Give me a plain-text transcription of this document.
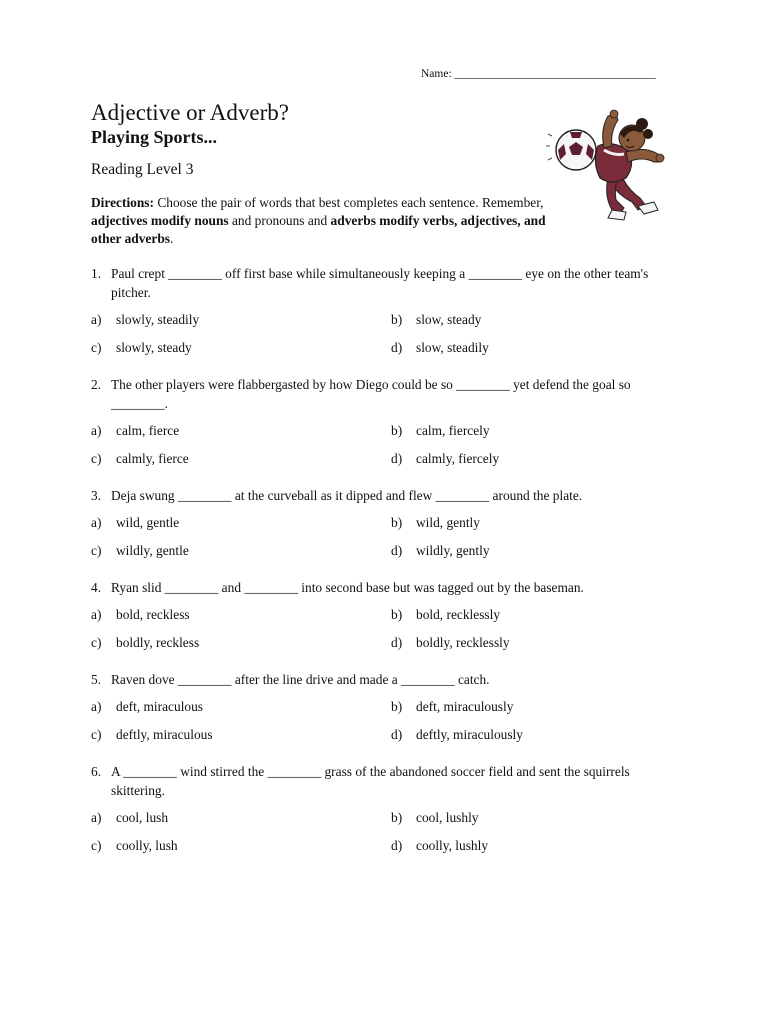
Name: ___________________________________
Adjective or Adverb?
Playing Sports...
Reading Level 3

Directions: Choose the pair of words that best completes each sentence. Remember, adjectives modify nouns and pronouns and adverbs modify verbs, adjectives, and other adverbs.

1. Paul crept ________ off first base while simultaneously keeping a ________ eye on the other team's pitcher.
a)	slowly, steadily	b)	slow, steady
c)	slowly, steady	d)	slow, steadily
2. The other players were flabbergasted by how Diego could be so ________ yet defend the goal so ________.
a)	calm, fierce	b)	calm, fiercely
c)	calmly, fierce	d)	calmly, fiercely
3. Deja swung ________ at the curveball as it dipped and flew ________ around the plate.
a)	wild, gentle	b)	wild, gently
c)	wildly, gentle	d)	wildly, gently
4. Ryan slid ________ and ________ into second base but was tagged out by the baseman.
a)	bold, reckless	b)	bold, recklessly
c)	boldly, reckless	d)	boldly, recklessly
5. Raven dove ________ after the line drive and made a ________ catch.
a)	deft, miraculous	b)	deft, miraculously
c)	deftly, miraculous	d)	deftly, miraculously
6. A ________ wind stirred the ________ grass of the abandoned soccer field and sent the squirrels skittering.
a)	cool, lush	b)	cool, lushly
c)	coolly, lush	d)	coolly, lushly
